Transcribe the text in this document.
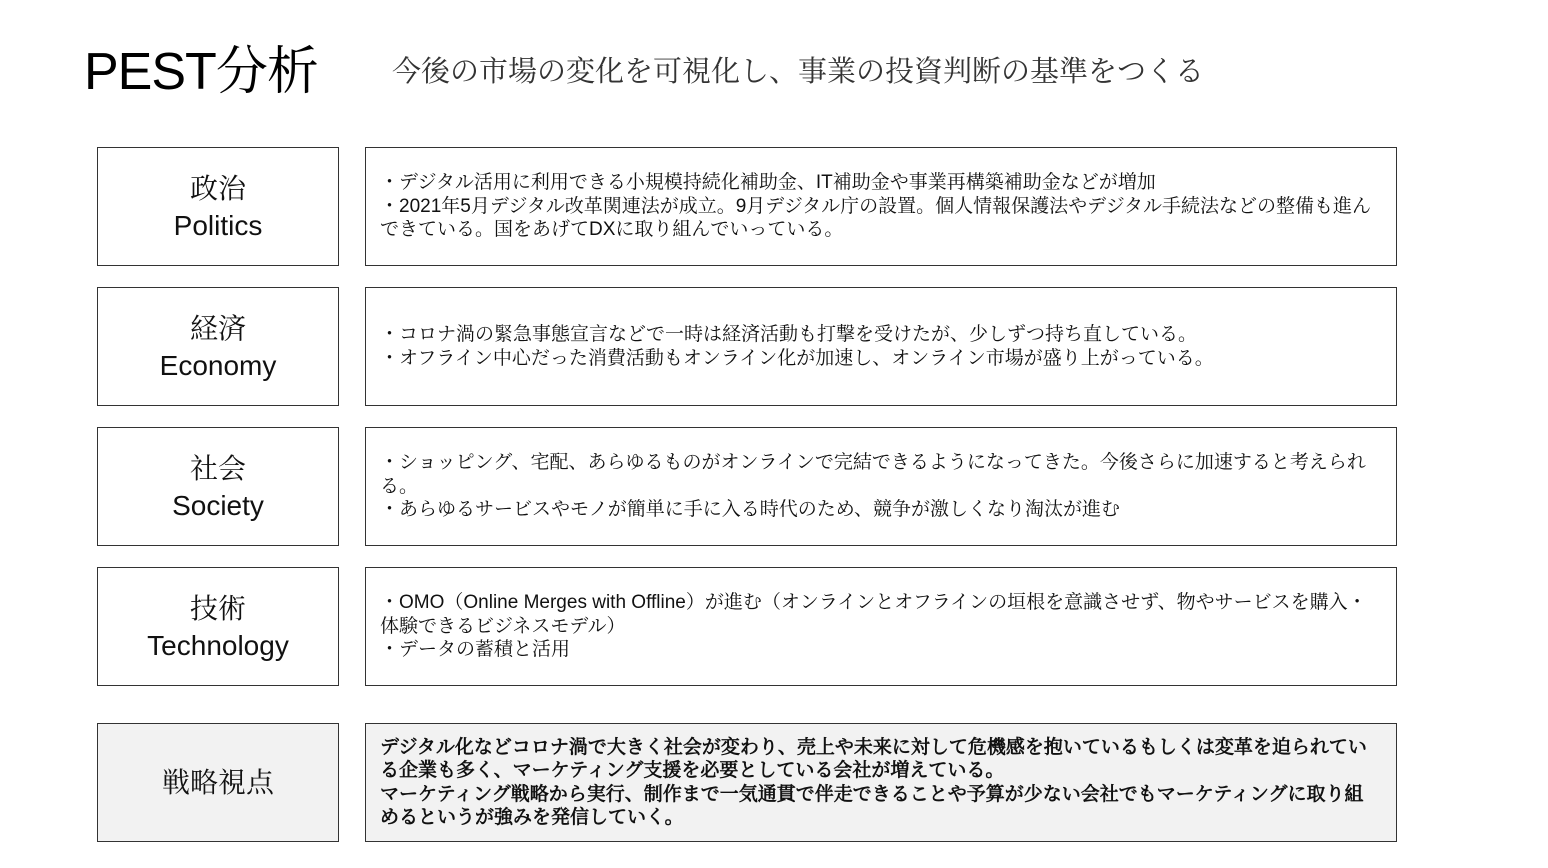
PEST分析	今後の市場の変化を可視化し、事業の投資判断の基準をつくる
政治
Politics
・デジタル活用に利用できる小規模持続化補助金、IT補助金や事業再構築補助金などが増加
・2021年5月デジタル改革関連法が成立。9月デジタル庁の設置。個人情報保護法やデジタル手続法などの整備も進んできている。国をあげてDXに取り組んでいっている。
経済
Economy
・コロナ渦の緊急事態宣言などで一時は経済活動も打撃を受けたが、少しずつ持ち直している。
・オフライン中心だった消費活動もオンライン化が加速し、オンライン市場が盛り上がっている。
社会
Society
・ショッピング、宅配、あらゆるものがオンラインで完結できるようになってきた。今後さらに加速すると考えられる。
・あらゆるサービスやモノが簡単に手に入る時代のため、競争が激しくなり淘汰が進む
技術
Technology
・OMO（Online Merges with Offline）が進む（オンラインとオフラインの垣根を意識させず、物やサービスを購入・体験できるビジネスモデル）
・データの蓄積と活用
戦略視点
デジタル化などコロナ渦で大きく社会が変わり、売上や未来に対して危機感を抱いているもしくは変革を迫られている企業も多く、マーケティング支援を必要としている会社が増えている。
マーケティング戦略から実行、制作まで一気通貫で伴走できることや予算が少ない会社でもマーケティングに取り組めるというが強みを発信していく。
